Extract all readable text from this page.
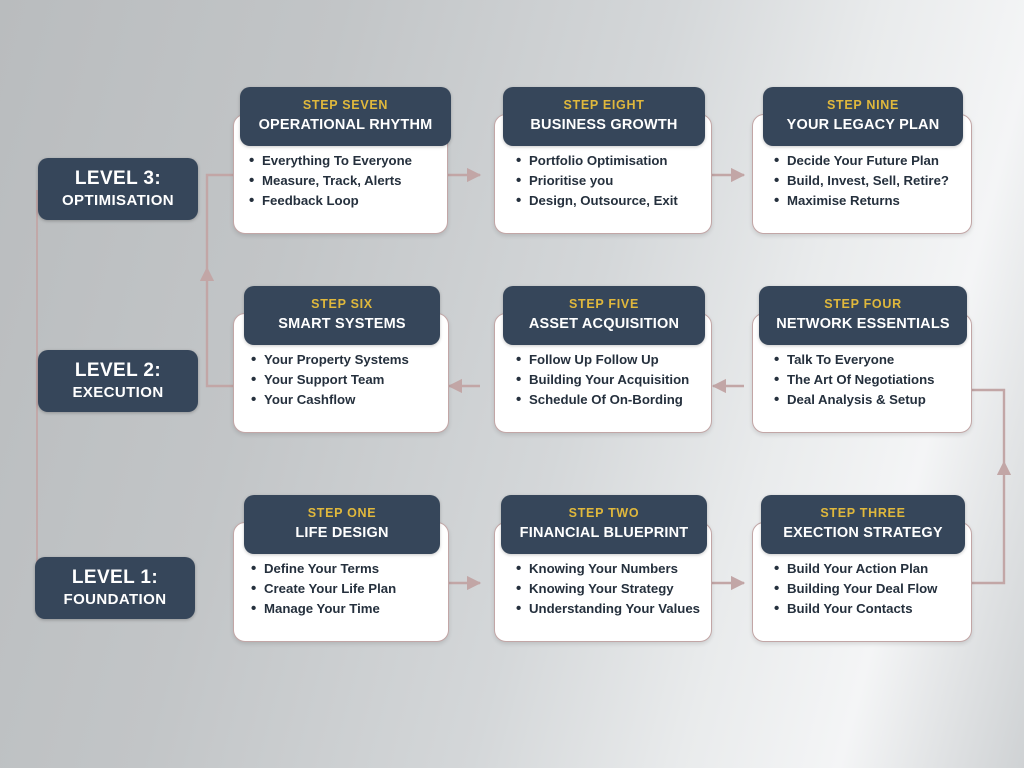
LEVEL 3:
OPTIMISATION
LEVEL 2:
EXECUTION
LEVEL 1:
FOUNDATION
STEP SEVEN
OPERATIONAL RHYTHM
• Everything To Everyone
• Measure, Track, Alerts
• Feedback Loop
STEP EIGHT
BUSINESS GROWTH
• Portfolio Optimisation
• Prioritise you
• Design, Outsource, Exit
STEP NINE
YOUR LEGACY PLAN
• Decide Your Future Plan
• Build, Invest, Sell, Retire?
• Maximise Returns
STEP SIX
SMART SYSTEMS
• Your Property Systems
• Your Support Team
• Your Cashflow
STEP FIVE
ASSET ACQUISITION
• Follow Up Follow Up
• Building Your Acquisition
• Schedule Of On-Bording
STEP FOUR
NETWORK ESSENTIALS
• Talk To Everyone
• The Art Of Negotiations
• Deal Analysis & Setup
STEP ONE
LIFE DESIGN
• Define Your Terms
• Create Your Life Plan
• Manage Your Time
STEP TWO
FINANCIAL BLUEPRINT
• Knowing Your Numbers
• Knowing Your Strategy
• Understanding Your Values
STEP THREE
EXECTION STRATEGY
• Build Your Action Plan
• Building Your Deal Flow
• Build Your Contacts
